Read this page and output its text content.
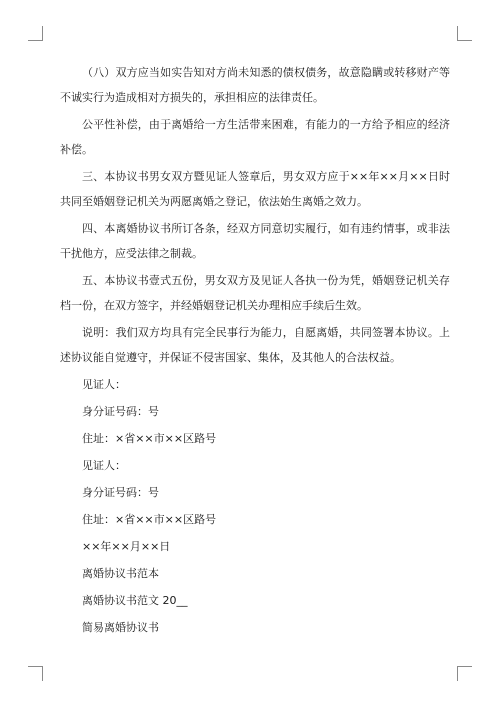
（八）双方应当如实告知对方尚未知悉的债权债务，故意隐瞒或转移财产等不诚实行为造成相对方损失的，承担相应的法律责任。

公平性补偿，由于离婚给一方生活带来困难，有能力的一方给予相应的经济补偿。

三、本协议书男女双方暨见证人签章后，男女双方应于××年××月××日时共同至婚姻登记机关为两愿离婚之登记，依法始生离婚之效力。

四、本离婚协议书所订各条，经双方同意切实履行，如有违约情事，或非法干扰他方，应受法律之制裁。

五、本协议书壹式五份，男女双方及见证人各执一份为凭，婚姻登记机关存档一份，在双方签字，并经婚姻登记机关办理相应手续后生效。

说明：我们双方均具有完全民事行为能力，自愿离婚，共同签署本协议。上述协议能自觉遵守，并保证不侵害国家、集体，及其他人的合法权益。

见证人：

身分证号码：号

住址：×省××市××区路号

见证人：

身分证号码：号

住址：×省××市××区路号

××年××月××日

离婚协议书范本

离婚协议书范文 20__

简易离婚协议书
